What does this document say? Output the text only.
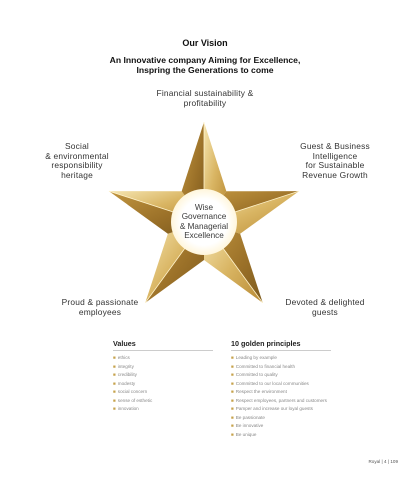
Our Vision
An Innovative company Aiming for Excellence,
Inspring the Generations to come
Wise
Governance
& Managerial
Excellence
Financial sustainability &
profitability
Social
& environmental
responsibility
heritage
Guest & Business
Intelligence
for Sustainable
Revenue Growth
Proud & passionate
employees
Devoted & delighted
guests
Values
■ ethics
■ integrity
■ credibility
■ modesty
■ social concern
■ sense of esthetic
■ innovation
10 golden principles
■ Leading by example
■ Committed to financial health
■ Committed to quality
■ Committed to our local communities
■ Respect the environment
■ Respect employees, partners and customers
■ Pamper and increase our loyal guests
■ Be passionate
■ Be innovative
■ Be unique
Royal | 4 | 109
